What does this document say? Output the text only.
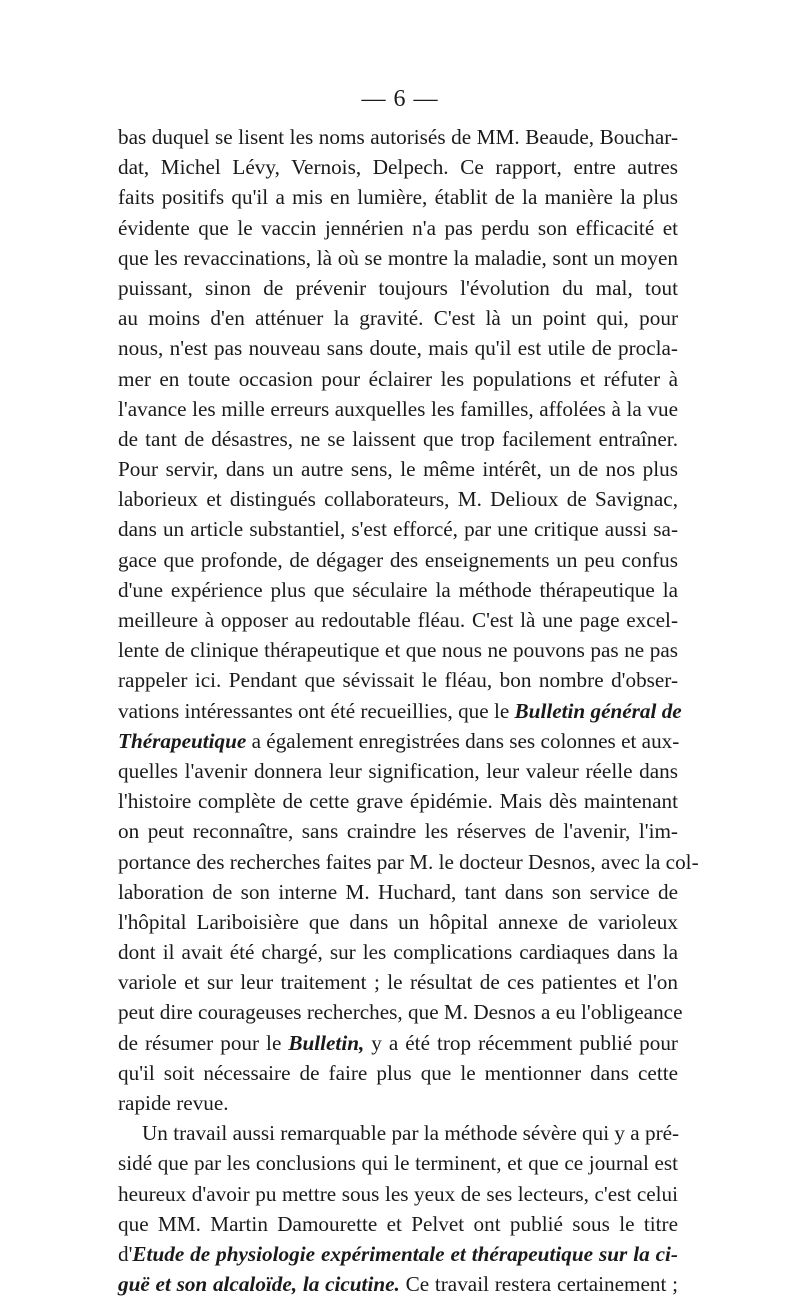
— 6 —
bas duquel se lisent les noms autorisés de MM. Beaude, Bouchar-
dat, Michel Lévy, Vernois, Delpech. Ce rapport, entre autres
faits positifs qu'il a mis en lumière, établit de la manière la plus
évidente que le vaccin jennérien n'a pas perdu son efficacité et
que les revaccinations, là où se montre la maladie, sont un moyen
puissant, sinon de prévenir toujours l'évolution du mal, tout
au moins d'en atténuer la gravité. C'est là un point qui, pour
nous, n'est pas nouveau sans doute, mais qu'il est utile de procla-
mer en toute occasion pour éclairer les populations et réfuter à
l'avance les mille erreurs auxquelles les familles, affolées à la vue
de tant de désastres, ne se laissent que trop facilement entraîner.
Pour servir, dans un autre sens, le même intérêt, un de nos plus
laborieux et distingués collaborateurs, M. Delioux de Savignac,
dans un article substantiel, s'est efforcé, par une critique aussi sa-
gace que profonde, de dégager des enseignements un peu confus
d'une expérience plus que séculaire la méthode thérapeutique la
meilleure à opposer au redoutable fléau. C'est là une page excel-
lente de clinique thérapeutique et que nous ne pouvons pas ne pas
rappeler ici. Pendant que sévissait le fléau, bon nombre d'obser-
vations intéressantes ont été recueillies, que le Bulletin général de
Thérapeutique a également enregistrées dans ses colonnes et aux-
quelles l'avenir donnera leur signification, leur valeur réelle dans
l'histoire complète de cette grave épidémie. Mais dès maintenant
on peut reconnaître, sans craindre les réserves de l'avenir, l'im-
portance des recherches faites par M. le docteur Desnos, avec la col-
laboration de son interne M. Huchard, tant dans son service de
l'hôpital Lariboisière que dans un hôpital annexe de varioleux
dont il avait été chargé, sur les complications cardiaques dans la
variole et sur leur traitement ; le résultat de ces patientes et l'on
peut dire courageuses recherches, que M. Desnos a eu l'obligeance
de résumer pour le Bulletin, y a été trop récemment publié pour
qu'il soit nécessaire de faire plus que le mentionner dans cette
rapide revue.
Un travail aussi remarquable par la méthode sévère qui y a pré-
sidé que par les conclusions qui le terminent, et que ce journal est
heureux d'avoir pu mettre sous les yeux de ses lecteurs, c'est celui
que MM. Martin Damourette et Pelvet ont publié sous le titre
d'Etude de physiologie expérimentale et thérapeutique sur la ci-
guë et son alcaloïde, la cicutine. Ce travail restera certainement ;
